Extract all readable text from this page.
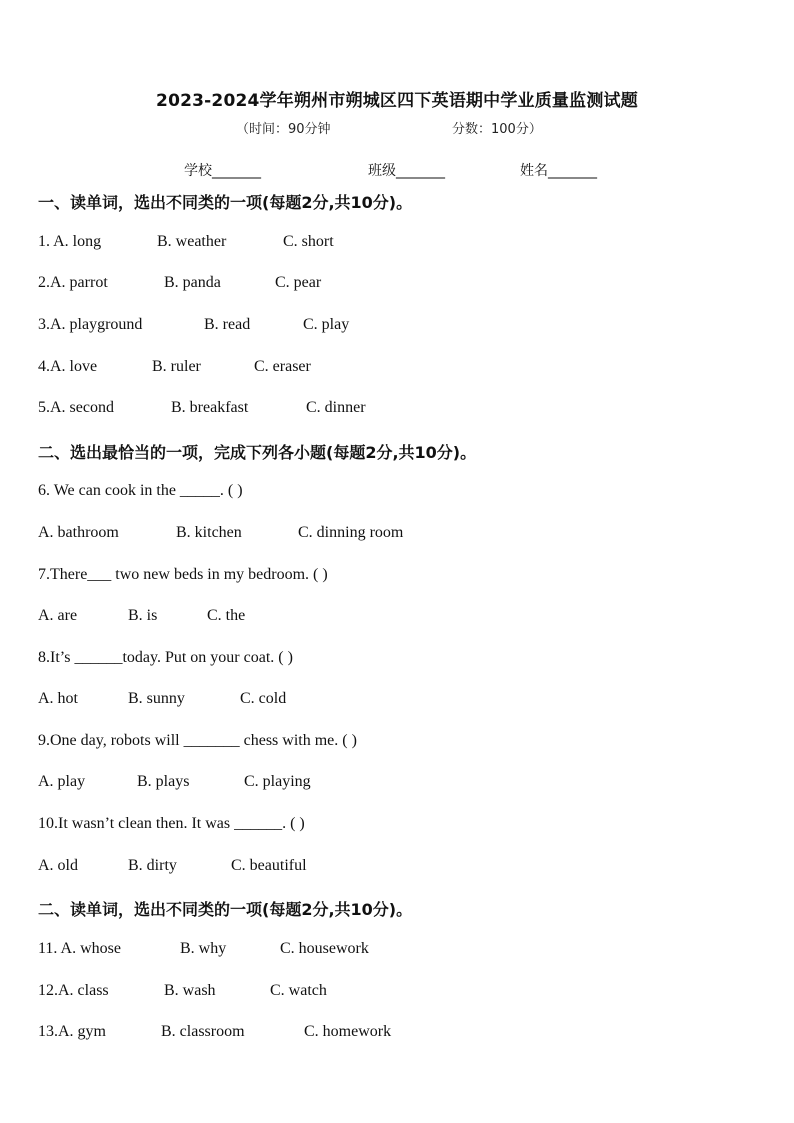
2023-2024学年朔州市朔城区四下英语期中学业质量监测试题
（时间：90分钟	分数：100分）
学校_______	班级_______	姓名_______
一、读单词，选出不同类的一项(每题2分,共10分)。
1. A. long	B. weather	C. short
2.A. parrot	B. panda	C. pear
3.A. playground	B. read	C. play
4.A. love	B. ruler	C. eraser
5.A. second	B. breakfast	C. dinner
二、选出最恰当的一项，完成下列各小题(每题2分,共10分)。
6. We can cook in the _____. ( )
A. bathroom	B. kitchen	C. dinning room
7.There___ two new beds in my bedroom. ( )
A. are	B. is	C. the
8.It’s ______today. Put on your coat. ( )
A. hot	B. sunny	C. cold
9.One day, robots will _______ chess with me. ( )
A. play	B. plays	C. playing
10.It wasn’t clean then. It was ______. ( )
A. old	B. dirty	C. beautiful
二、读单词，选出不同类的一项(每题2分,共10分)。
11. A. whose	B. why	C. housework
12.A. class	B. wash	C. watch
13.A. gym	B. classroom	C. homework
